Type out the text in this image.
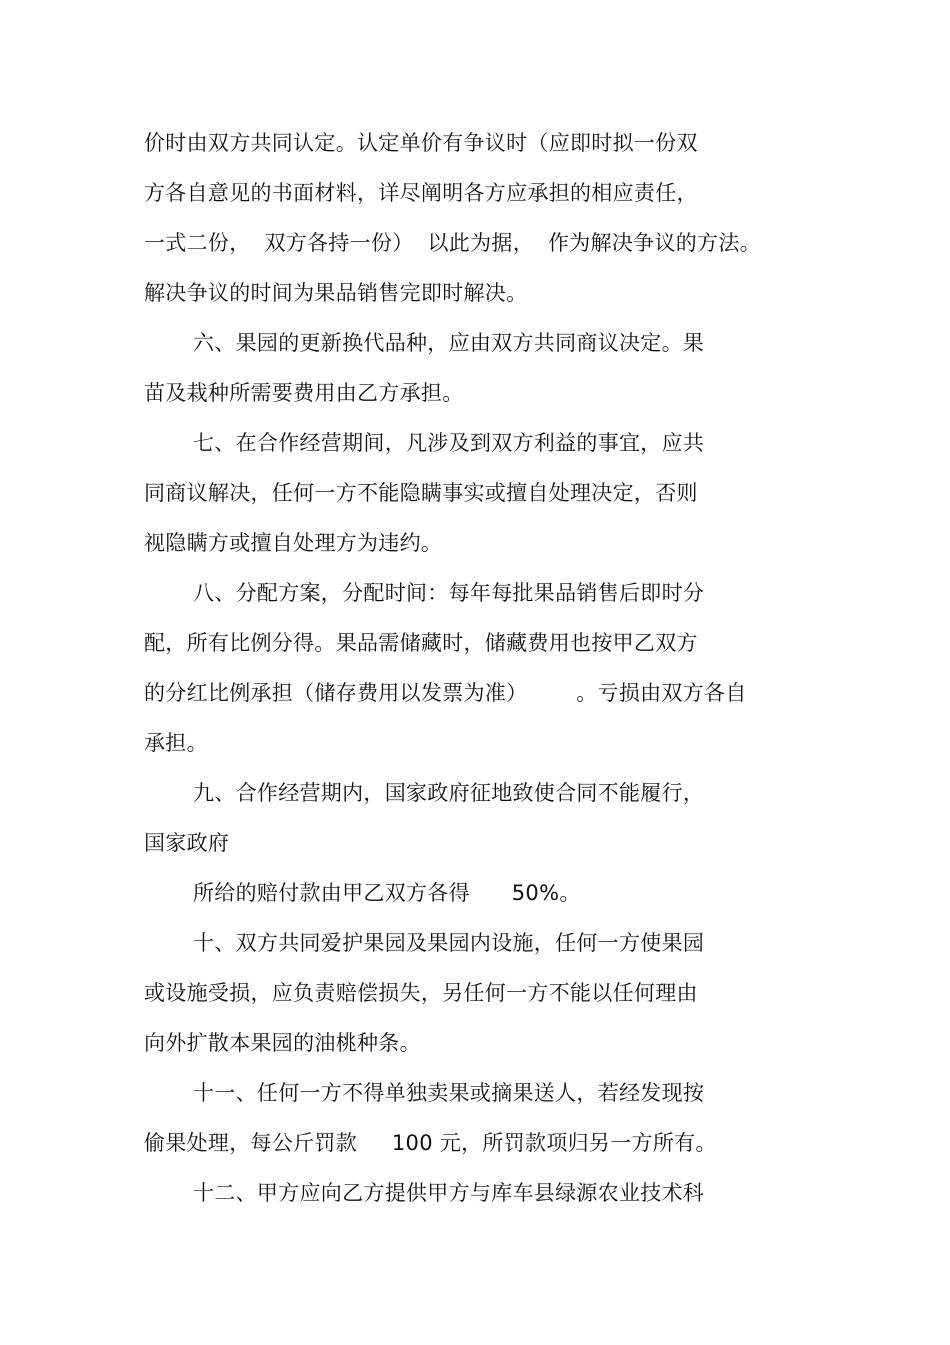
价时由双方共同认定。认定单价有争议时（应即时拟一份双
方各自意见的书面材料，详尽阐明各方应承担的相应责任，
一式二份，  双方各持一份）  以此为据，  作为解决争议的方法。
解决争议的时间为果品销售完即时解决。
六、果园的更新换代品种，应由双方共同商议决定。果
苗及栽种所需要费用由乙方承担。
七、在合作经营期间，凡涉及到双方利益的事宜，应共
同商议解决，任何一方不能隐瞒事实或擅自处理决定，否则
视隐瞒方或擅自处理方为违约。
八、分配方案，分配时间：每年每批果品销售后即时分
配，所有比例分得。果品需储藏时，储藏费用也按甲乙双方
的分红比例承担（储存费用以发票为准）       。亏损由双方各自
承担。
九、合作经营期内，国家政府征地致使合同不能履行，
国家政府
所给的赔付款由甲乙双方各得      50%。
十、双方共同爱护果园及果园内设施，任何一方使果园
或设施受损，应负责赔偿损失，另任何一方不能以任何理由
向外扩散本果园的油桃种条。
十一、任何一方不得单独卖果或摘果送人，若经发现按
偷果处理，每公斤罚款     100 元，所罚款项归另一方所有。
十二、甲方应向乙方提供甲方与库车县绿源农业技术科
